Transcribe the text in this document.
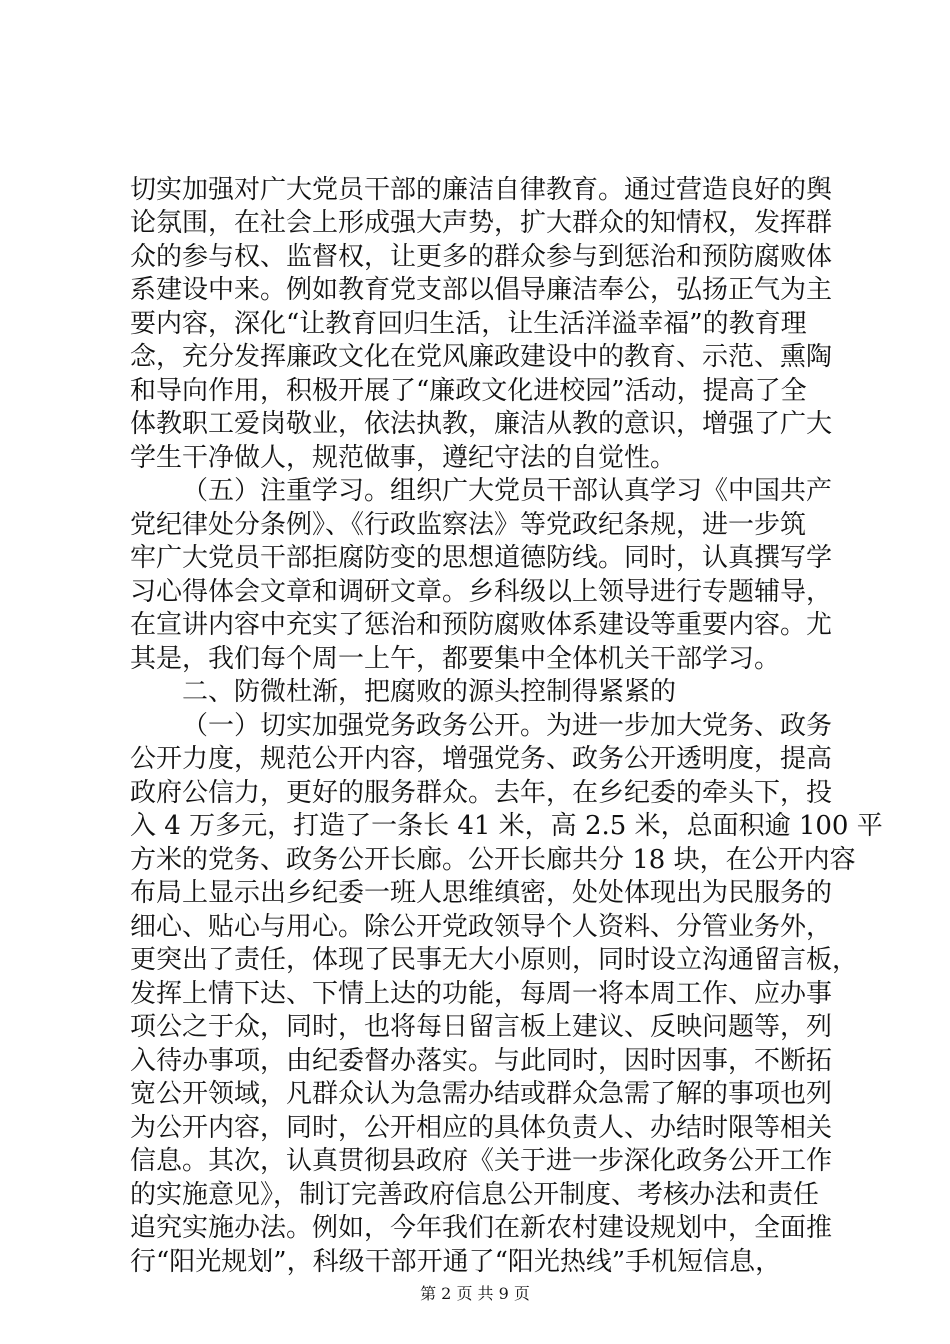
切实加强对广大党员干部的廉洁自律教育。通过营造良好的舆
论氛围，在社会上形成强大声势，扩大群众的知情权，发挥群
众的参与权、监督权，让更多的群众参与到惩治和预防腐败体
系建设中来。例如教育党支部以倡导廉洁奉公，弘扬正气为主
要内容，深化“让教育回归生活，让生活洋溢幸福”的教育理
念，充分发挥廉政文化在党风廉政建设中的教育、示范、熏陶
和导向作用，积极开展了“廉政文化进校园”活动，提高了全
体教职工爱岗敬业，依法执教，廉洁从教的意识，增强了广大
学生干净做人，规范做事，遵纪守法的自觉性。
（五）注重学习。组织广大党员干部认真学习《中国共产
党纪律处分条例》、《行政监察法》等党政纪条规，进一步筑
牢广大党员干部拒腐防变的思想道德防线。同时，认真撰写学
习心得体会文章和调研文章。乡科级以上领导进行专题辅导，
在宣讲内容中充实了惩治和预防腐败体系建设等重要内容。尤
其是，我们每个周一上午，都要集中全体机关干部学习。
二、防微杜渐，把腐败的源头控制得紧紧的
（一）切实加强党务政务公开。为进一步加大党务、政务
公开力度，规范公开内容，增强党务、政务公开透明度，提高
政府公信力，更好的服务群众。去年，在乡纪委的牵头下，投
入 4 万多元，打造了一条长 41 米，高 2.5 米，总面积逾 100 平
方米的党务、政务公开长廊。公开长廊共分 18 块，在公开内容
布局上显示出乡纪委一班人思维缜密，处处体现出为民服务的
细心、贴心与用心。除公开党政领导个人资料、分管业务外，
更突出了责任，体现了民事无大小原则，同时设立沟通留言板，
发挥上情下达、下情上达的功能，每周一将本周工作、应办事
项公之于众，同时，也将每日留言板上建议、反映问题等，列
入待办事项，由纪委督办落实。与此同时，因时因事，不断拓
宽公开领域，凡群众认为急需办结或群众急需了解的事项也列
为公开内容，同时，公开相应的具体负责人、办结时限等相关
信息。其次，认真贯彻县政府《关于进一步深化政务公开工作
的实施意见》，制订完善政府信息公开制度、考核办法和责任
追究实施办法。例如，今年我们在新农村建设规划中，全面推
行“阳光规划”，科级干部开通了“阳光热线”手机短信息，
第 2 页 共 9 页
